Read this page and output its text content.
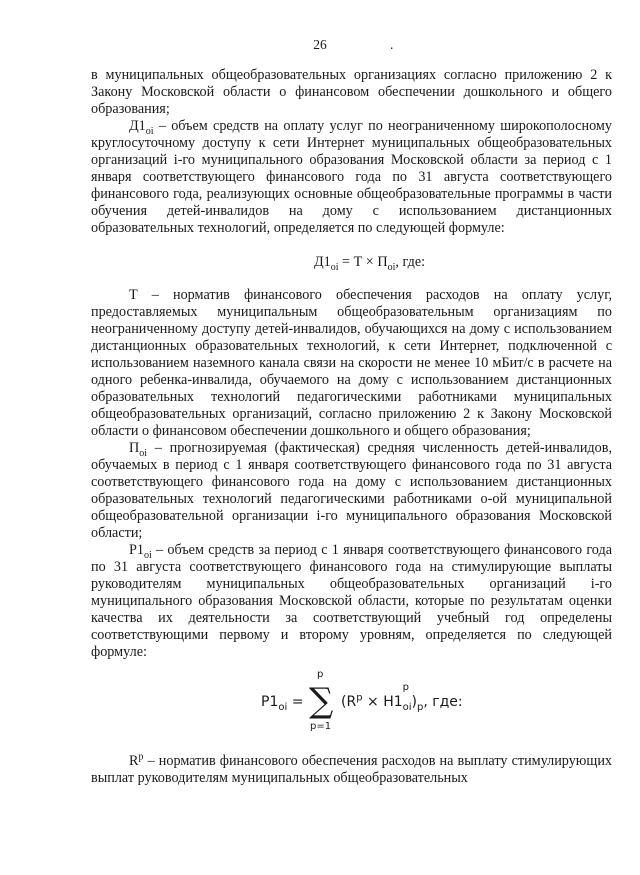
26	.

в муниципальных общеобразовательных организациях согласно приложению 2 к Закону Московской области о финансовом обеспечении дошкольного и общего образования;

$Д1_{oi}$ – объем средств на оплату услуг по неограниченному широкополосному круглосуточному доступу к сети Интернет муниципальных общеобразовательных организаций i-го муниципального образования Московской области за период с 1 января соответствующего финансового года по 31 августа соответствующего финансового года, реализующих основные общеобразовательные программы в части обучения детей-инвалидов на дому с использованием дистанционных образовательных технологий, определяется по следующей формуле:

$Д1_{oi} = Т \times П_{oi}$, где:

Т – норматив финансового обеспечения расходов на оплату услуг, предоставляемых муниципальным общеобразовательным организациям по неограниченному доступу детей-инвалидов, обучающихся на дому с использованием дистанционных образовательных технологий, к сети Интернет, подключенной с использованием наземного канала связи на скорости не менее 10 мБит/с в расчете на одного ребенка-инвалида, обучаемого на дому с использованием дистанционных образовательных технологий педагогическими работниками муниципальных общеобразовательных организаций, согласно приложению 2 к Закону Московской области о финансовом обеспечении дошкольного и общего образования;

$П_{oi}$ – прогнозируемая (фактическая) средняя численность детей-инвалидов, обучаемых в период с 1 января соответствующего финансового года по 31 августа соответствующего финансового года на дому с использованием дистанционных образовательных технологий педагогическими работниками о-ой муниципальной общеобразовательной организации i-го муниципального образования Московской области;

$Р1_{oi}$ – объем средств за период с 1 января соответствующего финансового года по 31 августа соответствующего финансового года на стимулирующие выплаты руководителям муниципальных общеобразовательных организаций i-го муниципального образования Московской области, которые по результатам оценки качества их деятельности за соответствующий учебный год определены соответствующими первому и второму уровням, определяется по следующей формуле:

$Р1_{oi}$ =
p
∑
p=1
($R^p \times Н1$
p
$_{oi})_p$, где:

$R^p$ – норматив финансового обеспечения расходов на выплату стимулирующих выплат руководителям муниципальных общеобразовательных
